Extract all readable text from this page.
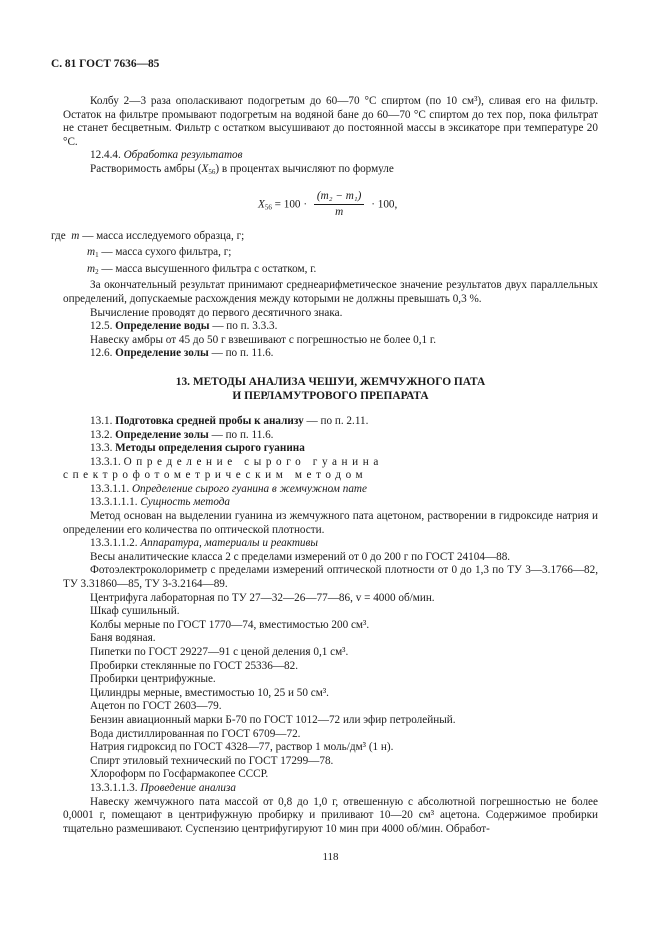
С. 81 ГОСТ 7636—85

Колбу 2—3 раза ополаскивают подогретым до 60—70 °С спиртом (по 10 см³), сливая его на фильтр. Остаток на фильтре промывают подогретым на водяной бане до 60—70 °С спиртом до тех пор, пока фильтрат не станет бесцветным. Фильтр с остатком высушивают до постоянной массы в эксикаторе при температуре 20 °С.

12.4.4. Обработка результатов

Растворимость амбры $(X_{56})$ в процентах вычисляют по формуле

$X_{56} = 100 \cdot \frac{\text{(m₂ − m₁)}}{m} \cdot 100$,
где m — масса исследуемого образца, г;
$m_1$ — масса сухого фильтра, г;
$m_2$ — масса высушенного фильтра с остатком, г.

За окончательный результат принимают среднеарифметическое значение результатов двух параллельных определений, допускаемые расхождения между которыми не должны превышать 0,3 %.

Вычисление проводят до первого десятичного знака.

12.5. Определение воды — по п. 3.3.3.

Навеску амбры от 45 до 50 г взвешивают с погрешностью не более 0,1 г.

12.6. Определение золы — по п. 11.6.

13. МЕТОДЫ АНАЛИЗА ЧЕШУИ, ЖЕМЧУЖНОГО ПАТА
И ПЕРЛАМУТРОВОГО ПРЕПАРАТА

13.1. Подготовка средней пробы к анализу — по п. 2.11.

13.2. Определение золы — по п. 11.6.

13.3. Методы определения сырого гуанина

13.3.1. Определение сырого гуанина спектрофотометрическим методом

13.3.1.1. Определение сырого гуанина в жемчужном пате

13.3.1.1.1. Сущность метода

Метод основан на выделении гуанина из жемчужного пата ацетоном, растворении в гидроксиде натрия и определении его количества по оптической плотности.

13.3.1.1.2. Аппаратура, материалы и реактивы

Весы аналитические класса 2 с пределами измерений от 0 до 200 г по ГОСТ 24104—88.

Фотоэлектроколориметр с пределами измерений оптической плотности от 0 до 1,3 по ТУ 3—3.1766—82, ТУ 3.31860—85, ТУ 3-3.2164—89.

Центрифуга лабораторная по ТУ 27—32—26—77—86, v = 4000 об/мин.

Шкаф сушильный.

Колбы мерные по ГОСТ 1770—74, вместимостью 200 см³.

Баня водяная.

Пипетки по ГОСТ 29227—91 с ценой деления 0,1 см³.

Пробирки стеклянные по ГОСТ 25336—82.

Пробирки центрифужные.

Цилиндры мерные, вместимостью 10, 25 и 50 см³.

Ацетон по ГОСТ 2603—79.

Бензин авиационный марки Б-70 по ГОСТ 1012—72 или эфир петролейный.

Вода дистиллированная по ГОСТ 6709—72.

Натрия гидроксид по ГОСТ 4328—77, раствор 1 моль/дм³ (1 н).

Спирт этиловый технический по ГОСТ 17299—78.

Хлороформ по Госфармакопее СССР.

13.3.1.1.3. Проведение анализа

Навеску жемчужного пата массой от 0,8 до 1,0 г, отвешенную с абсолютной погрешностью не более 0,0001 г, помещают в центрифужную пробирку и приливают 10—20 см³ ацетона. Содержимое пробирки тщательно размешивают. Суспензию центрифугируют 10 мин при 4000 об/мин. Обработ-

118
